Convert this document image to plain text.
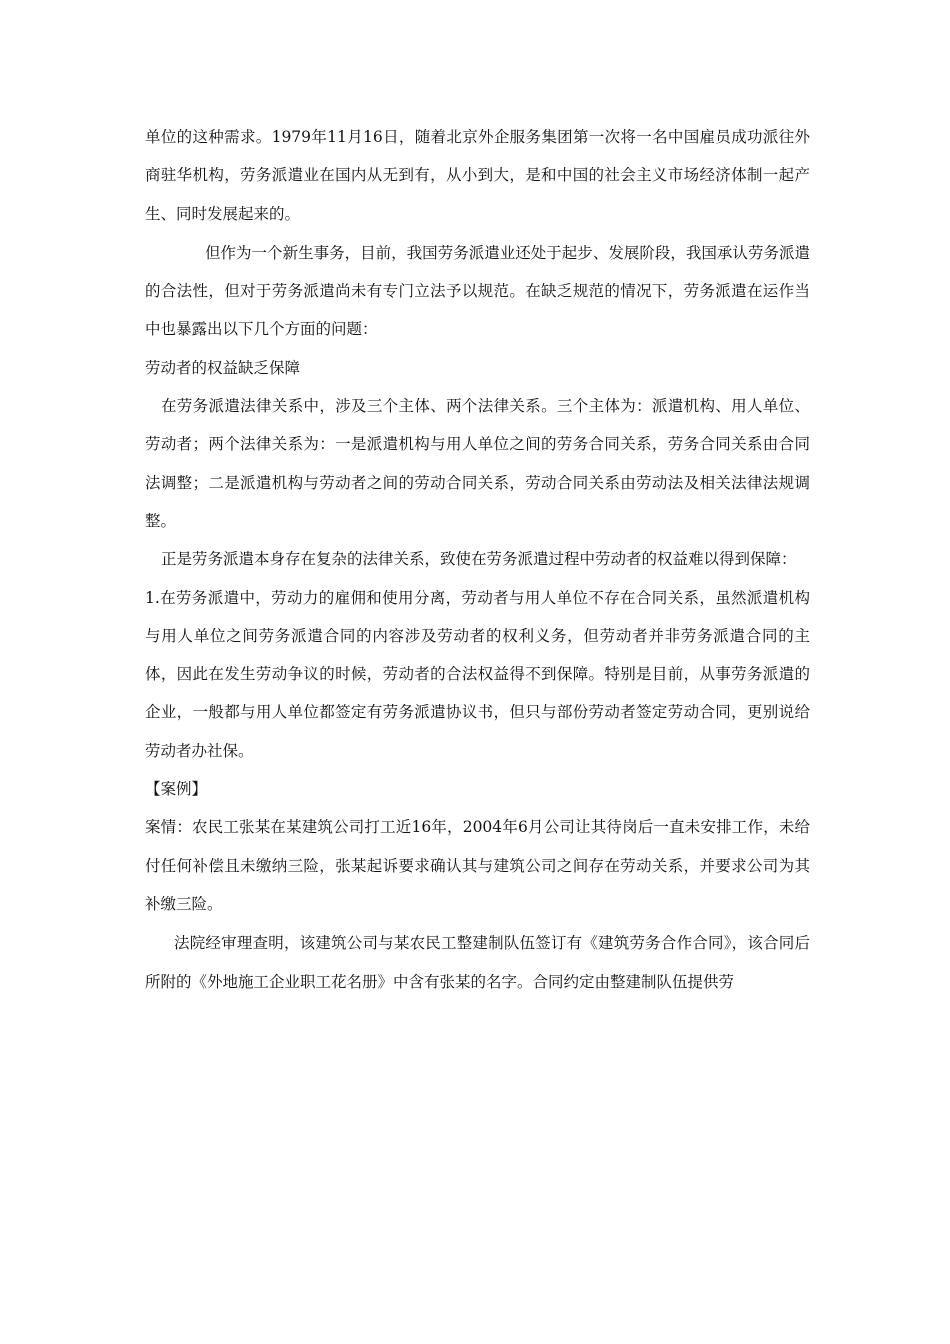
单位的这种需求。1979年11月16日，随着北京外企服务集团第一次将一名中国雇员成功派往外商驻华机构，劳务派遣业在国内从无到有，从小到大，是和中国的社会主义市场经济体制一起产生、同时发展起来的。

但作为一个新生事务，目前，我国劳务派遣业还处于起步、发展阶段，我国承认劳务派遣的合法性，但对于劳务派遣尚未有专门立法予以规范。在缺乏规范的情况下，劳务派遣在运作当中也暴露出以下几个方面的问题：

劳动者的权益缺乏保障

在劳务派遣法律关系中，涉及三个主体、两个法律关系。三个主体为：派遣机构、用人单位、劳动者；两个法律关系为：一是派遣机构与用人单位之间的劳务合同关系，劳务合同关系由合同法调整；二是派遣机构与劳动者之间的劳动合同关系，劳动合同关系由劳动法及相关法律法规调整。

正是劳务派遣本身存在复杂的法律关系，致使在劳务派遣过程中劳动者的权益难以得到保障：

1.在劳务派遣中，劳动力的雇佣和使用分离，劳动者与用人单位不存在合同关系，虽然派遣机构与用人单位之间劳务派遣合同的内容涉及劳动者的权利义务，但劳动者并非劳务派遣合同的主体，因此在发生劳动争议的时候，劳动者的合法权益得不到保障。特别是目前，从事劳务派遣的企业，一般都与用人单位都签定有劳务派遣协议书，但只与部份劳动者签定劳动合同，更别说给劳动者办社保。

【案例】

案情：农民工张某在某建筑公司打工近16年，2004年6月公司让其待岗后一直未安排工作，未给付任何补偿且未缴纳三险，张某起诉要求确认其与建筑公司之间存在劳动关系，并要求公司为其补缴三险。

法院经审理查明，该建筑公司与某农民工整建制队伍签订有《建筑劳务合作合同》，该合同后所附的《外地施工企业职工花名册》中含有张某的名字。合同约定由整建制队伍提供劳
